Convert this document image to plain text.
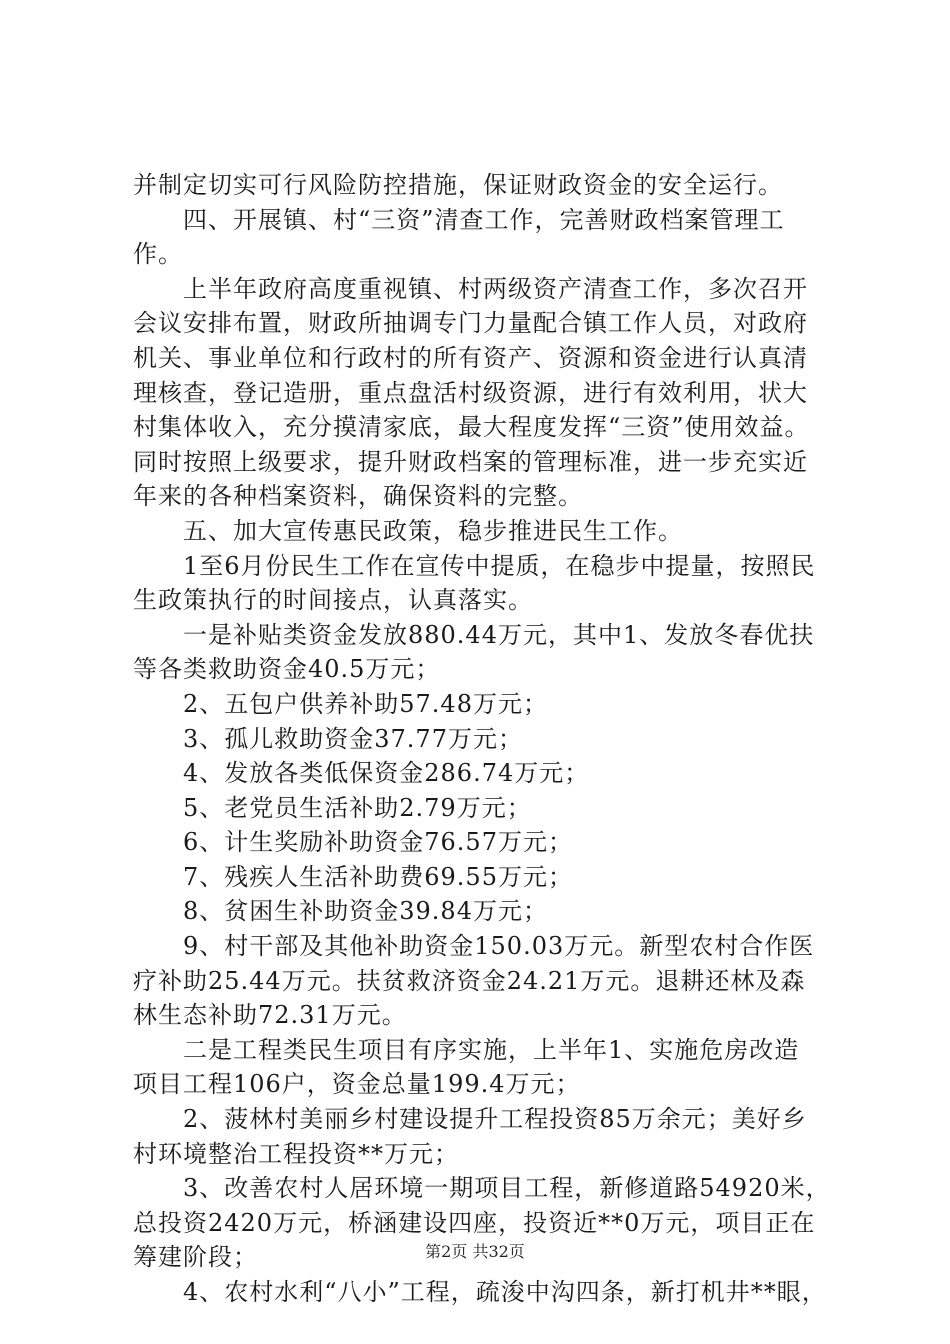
并制定切实可行风险防控措施，保证财政资金的安全运行。
　　四、开展镇、村“三资”清查工作，完善财政档案管理工
作。
　　上半年政府高度重视镇、村两级资产清查工作，多次召开
会议安排布置，财政所抽调专门力量配合镇工作人员，对政府
机关、事业单位和行政村的所有资产、资源和资金进行认真清
理核查，登记造册，重点盘活村级资源，进行有效利用，状大
村集体收入，充分摸清家底，最大程度发挥“三资”使用效益。
同时按照上级要求，提升财政档案的管理标准，进一步充实近
年来的各种档案资料，确保资料的完整。
　　五、加大宣传惠民政策，稳步推进民生工作。
　　1至6月份民生工作在宣传中提质，在稳步中提量，按照民
生政策执行的时间接点，认真落实。
　　一是补贴类资金发放880.44万元，其中1、发放冬春优扶
等各类救助资金40.5万元；
　　2、五包户供养补助57.48万元；
　　3、孤儿救助资金37.77万元；
　　4、发放各类低保资金286.74万元；
　　5、老党员生活补助2.79万元；
　　6、计生奖励补助资金76.57万元；
　　7、残疾人生活补助费69.55万元；
　　8、贫困生补助资金39.84万元；
　　9、村干部及其他补助资金150.03万元。新型农村合作医
疗补助25.44万元。扶贫救济资金24.21万元。退耕还林及森
林生态补助72.31万元。
　　二是工程类民生项目有序实施，上半年1、实施危房改造
项目工程106户，资金总量199.4万元；
　　2、菠林村美丽乡村建设提升工程投资85万余元；美好乡
村环境整治工程投资**万元；
　　3、改善农村人居环境一期项目工程，新修道路54920米，
总投资2420万元，桥涵建设四座，投资近**0万元，项目正在
筹建阶段；
　　4、农村水利“八小”工程，疏浚中沟四条，新打机井**眼，
第2页 共32页
